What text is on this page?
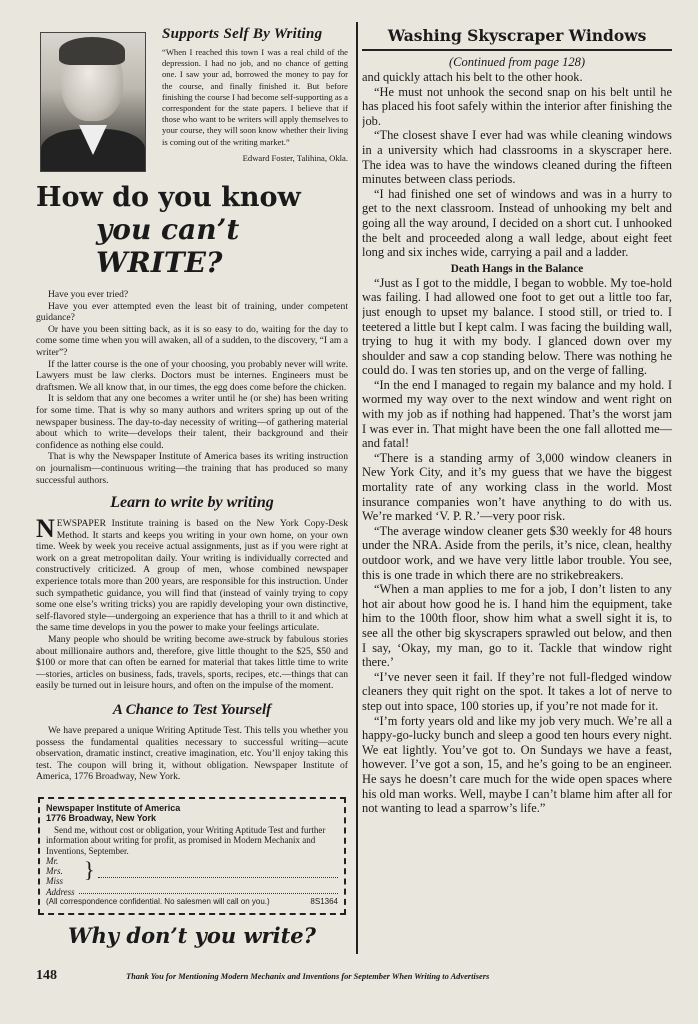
Supports Self By Writing

“When I reached this town I was a real child of the depression. I had no job, and no chance of getting one. I saw your ad, borrowed the money to pay for the course, and finally finished it. But before finishing the course I had become self-supporting as a correspondent for the state papers. I believe that if those who want to be writers will apply themselves to your course, they will soon know whether their living is coming out of the writing market.”

Edward Foster, Talihina, Okla.
How do you know
you can’t WRITE?

Have you ever tried?

Have you ever attempted even the least bit of training, under competent guidance?

Or have you been sitting back, as it is so easy to do, waiting for the day to come some time when you will awaken, all of a sudden, to the discovery, “I am a writer”?

If the latter course is the one of your choosing, you probably never will write. Lawyers must be law clerks. Doctors must be internes. Engineers must be draftsmen. We all know that, in our times, the egg does come before the chicken.

It is seldom that any one becomes a writer until he (or she) has been writing for some time. That is why so many authors and writers spring up out of the newspaper business. The day-to-day necessity of writing—of gathering material about which to write—develops their talent, their background and their confidence as nothing else could.

That is why the Newspaper Institute of America bases its writing instruction on journalism—continuous writing—the training that has produced so many successful authors.

Learn to write by writing

NEWSPAPER Institute training is based on the New York Copy-Desk Method. It starts and keeps you writing in your own home, on your own time. Week by week you receive actual assignments, just as if you were right at work on a great metropolitan daily. Your writing is individually corrected and constructively criticized. A group of men, whose combined newspaper experience totals more than 200 years, are responsible for this instruction. Under such sympathetic guidance, you will find that (instead of vainly trying to copy some one else’s writing tricks) you are rapidly developing your own distinctive, self-flavored style—undergoing an experience that has a thrill to it and which at the same time develops in you the power to make your feelings articulate.

Many people who should be writing become awe-struck by fabulous stories about millionaire authors and, therefore, give little thought to the $25, $50 and $100 or more that can often be earned for material that takes little time to write—stories, articles on business, fads, travels, sports, recipes, etc.—things that can easily be turned out in leisure hours, and often on the impulse of the moment.

A Chance to Test Yourself

We have prepared a unique Writing Aptitude Test. This tells you whether you possess the fundamental qualities necessary to successful writing—acute observation, dramatic instinct, creative imagination, etc. You’ll enjoy taking this test. The coupon will bring it, without obligation. Newspaper Institute of America, 1776 Broadway, New York.

Newspaper Institute of America
1776 Broadway, New York

Send me, without cost or obligation, your Writing Aptitude Test and further information about writing for profit, as promised in Modern Mechanix and Inventions, September.

Mr.
Mrs.
Miss }
Address
(All correspondence confidential. No salesmen will call on you.)	8S1364
Why don’t you write?
Washing Skyscraper Windows
(Continued from page 128)

and quickly attach his belt to the other hook.

“He must not unhook the second snap on his belt until he has placed his foot safely within the interior after finishing the job.

“The closest shave I ever had was while cleaning windows in a university which had classrooms in a skyscraper here. The idea was to have the windows cleaned during the fifteen minutes between class periods.

“I had finished one set of windows and was in a hurry to get to the next classroom. Instead of unhooking my belt and going all the way around, I decided on a short cut. I unhooked the belt and proceeded along a wall ledge, about eight feet long and six inches wide, carrying a pail and a ladder.

Death Hangs in the Balance

“Just as I got to the middle, I began to wobble. My toe-hold was failing. I had allowed one foot to get out a little too far, just enough to upset my balance. I stood still, or tried to. I teetered a little but I kept calm. I was facing the building wall, trying to hug it with my body. I glanced down over my shoulder and saw a cop standing below. There was nothing he could do. I was ten stories up, and on the verge of falling.

“In the end I managed to regain my balance and my hold. I wormed my way over to the next window and went right on with my job as if nothing had happened. That’s the worst jam I was ever in. That might have been the one fall allotted me—and fatal!

“There is a standing army of 3,000 window cleaners in New York City, and it’s my guess that we have the biggest mortality rate of any working class in the world. Most insurance companies won’t have anything to do with us. We’re marked ‘V. P. R.’—very poor risk.

“The average window cleaner gets $30 weekly for 48 hours under the NRA. Aside from the perils, it’s nice, clean, healthy outdoor work, and we have very little labor trouble. You see, this is one trade in which there are no strikebreakers.

“When a man applies to me for a job, I don’t listen to any hot air about how good he is. I hand him the equipment, take him to the 100th floor, show him what a swell sight it is, to see all the other big skyscrapers sprawled out below, and then I say, ‘Okay, my man, go to it. Tackle that window right there.’

“I’ve never seen it fail. If they’re not full-fledged window cleaners they quit right on the spot. It takes a lot of nerve to step out into space, 100 stories up, if you’re not made for it.

“I’m forty years old and like my job very much. We’re all a happy-go-lucky bunch and sleep a good ten hours every night. We eat lightly. You’ve got to. On Sundays we have a feast, however. I’ve got a son, 15, and he’s going to be an engineer. He says he doesn’t care much for the wide open spaces where his old man works. Well, maybe I can’t blame him after all for not wanting to lead a sparrow’s life.”

148	Thank You for Mentioning Modern Mechanix and Inventions for September When Writing to Advertisers
